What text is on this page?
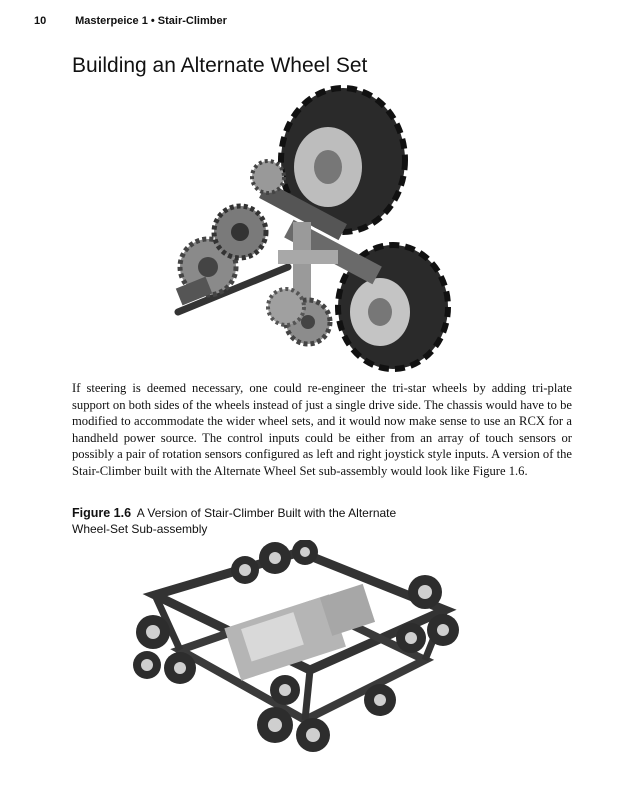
10	Masterpeice 1 • Stair-Climber
Building an Alternate Wheel Set

If steering is deemed necessary, one could re-engineer the tri-star wheels by adding tri-plate support on both sides of the wheels instead of just a single drive side. The chassis would have to be modified to accommodate the wider wheel sets, and it would now make sense to use an RCX for a handheld power source. The control inputs could be either from an array of touch sensors or possibly a pair of rotation sensors configured as left and right joystick style inputs. A version of the Stair-Climber built with the Alternate Wheel Set sub-assembly would look like Figure 1.6.

Figure 1.6 A Version of Stair-Climber Built with the Alternate Wheel-Set Sub-assembly
